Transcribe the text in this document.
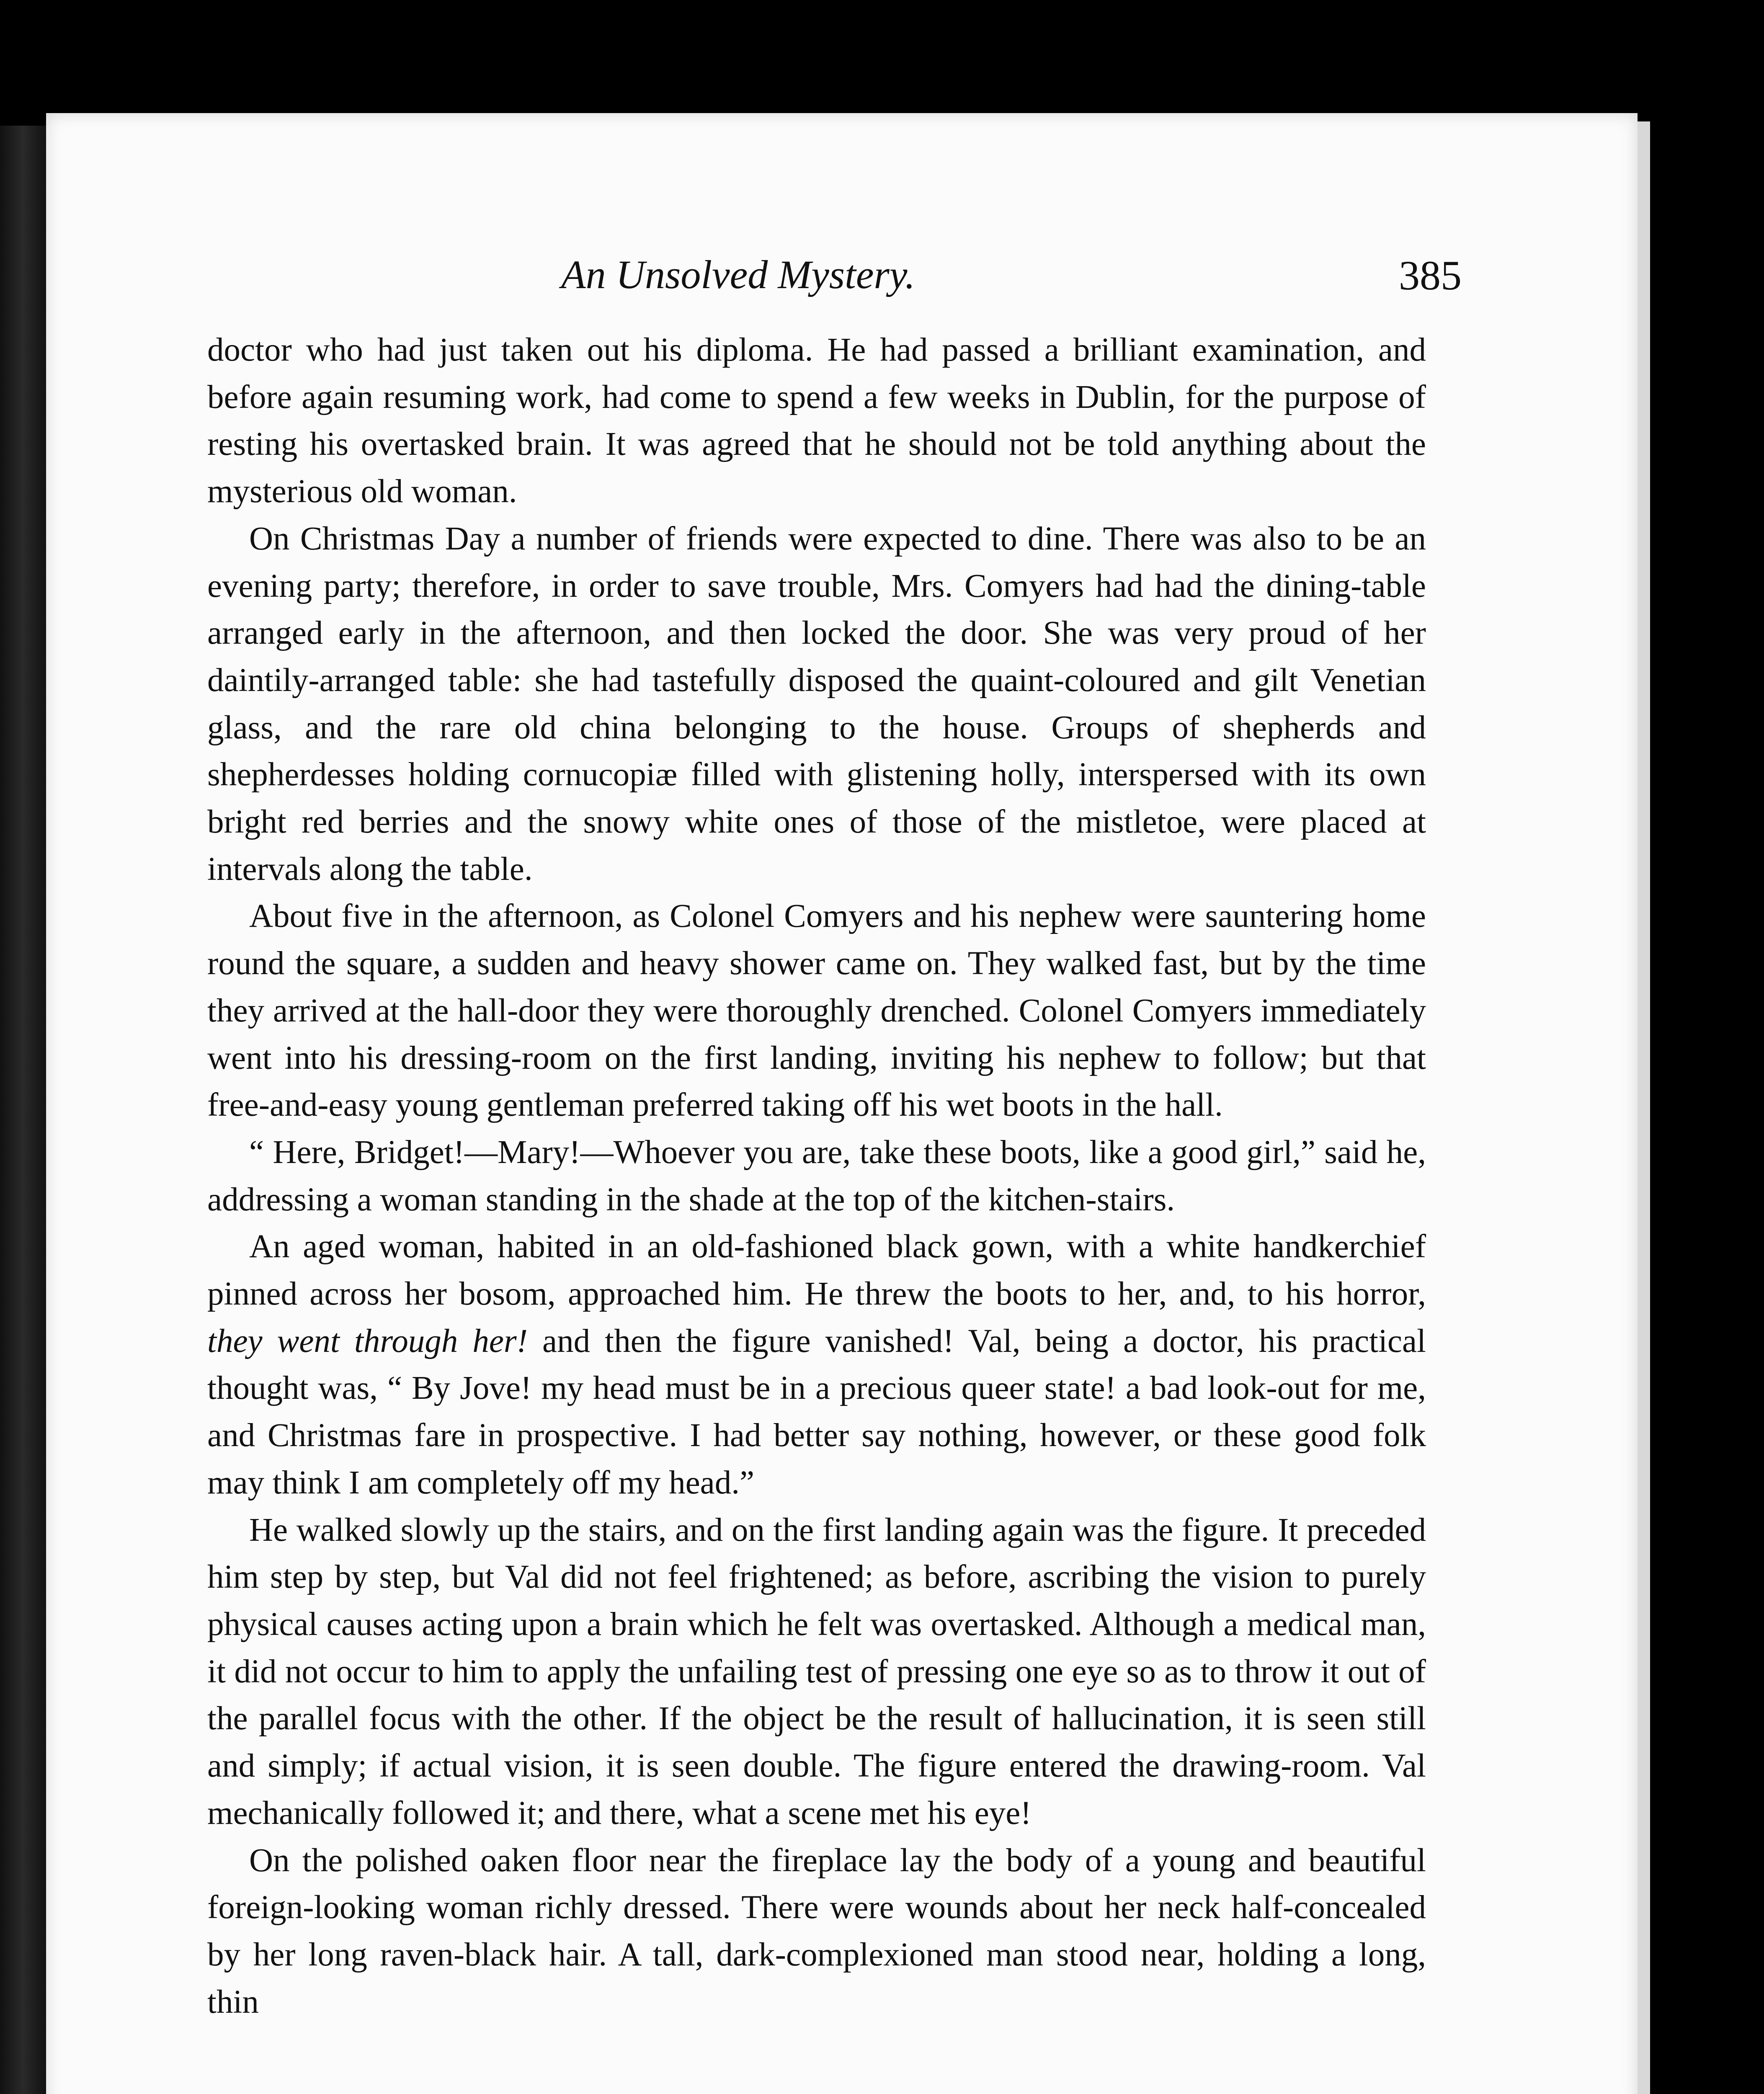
An Unsolved Mystery.	385

doctor who had just taken out his diploma. He had passed a brilliant examination, and before again resuming work, had come to spend a few weeks in Dublin, for the purpose of resting his overtasked brain. It was agreed that he should not be told anything about the mysterious old woman.

On Christmas Day a number of friends were expected to dine. There was also to be an evening party; therefore, in order to save trouble, Mrs. Comyers had had the dining-table arranged early in the afternoon, and then locked the door. She was very proud of her daintily-arranged table: she had tastefully disposed the quaint-coloured and gilt Venetian glass, and the rare old china belonging to the house. Groups of shepherds and shepherdesses holding cornucopiæ filled with glistening holly, interspersed with its own bright red berries and the snowy white ones of those of the mistletoe, were placed at intervals along the table.

About five in the afternoon, as Colonel Comyers and his nephew were sauntering home round the square, a sudden and heavy shower came on. They walked fast, but by the time they arrived at the hall-door they were thoroughly drenched. Colonel Comyers immediately went into his dressing-room on the first landing, inviting his nephew to follow; but that free-and-easy young gentleman preferred taking off his wet boots in the hall.

“ Here, Bridget!—Mary!—Whoever you are, take these boots, like a good girl,” said he, addressing a woman standing in the shade at the top of the kitchen-stairs.

An aged woman, habited in an old-fashioned black gown, with a white handkerchief pinned across her bosom, approached him. He threw the boots to her, and, to his horror, they went through her! and then the figure vanished! Val, being a doctor, his practical thought was, “ By Jove! my head must be in a precious queer state! a bad look-out for me, and Christmas fare in prospective. I had better say nothing, however, or these good folk may think I am completely off my head.”

He walked slowly up the stairs, and on the first landing again was the figure. It preceded him step by step, but Val did not feel frightened; as before, ascribing the vision to purely physical causes acting upon a brain which he felt was overtasked. Although a medical man, it did not occur to him to apply the unfailing test of pressing one eye so as to throw it out of the parallel focus with the other. If the object be the result of hallucination, it is seen still and simply; if actual vision, it is seen double. The figure entered the drawing-room. Val mechanically followed it; and there, what a scene met his eye!

On the polished oaken floor near the fireplace lay the body of a young and beautiful foreign-looking woman richly dressed. There were wounds about her neck half-concealed by her long raven-black hair. A tall, dark-complexioned man stood near, holding a long, thin
